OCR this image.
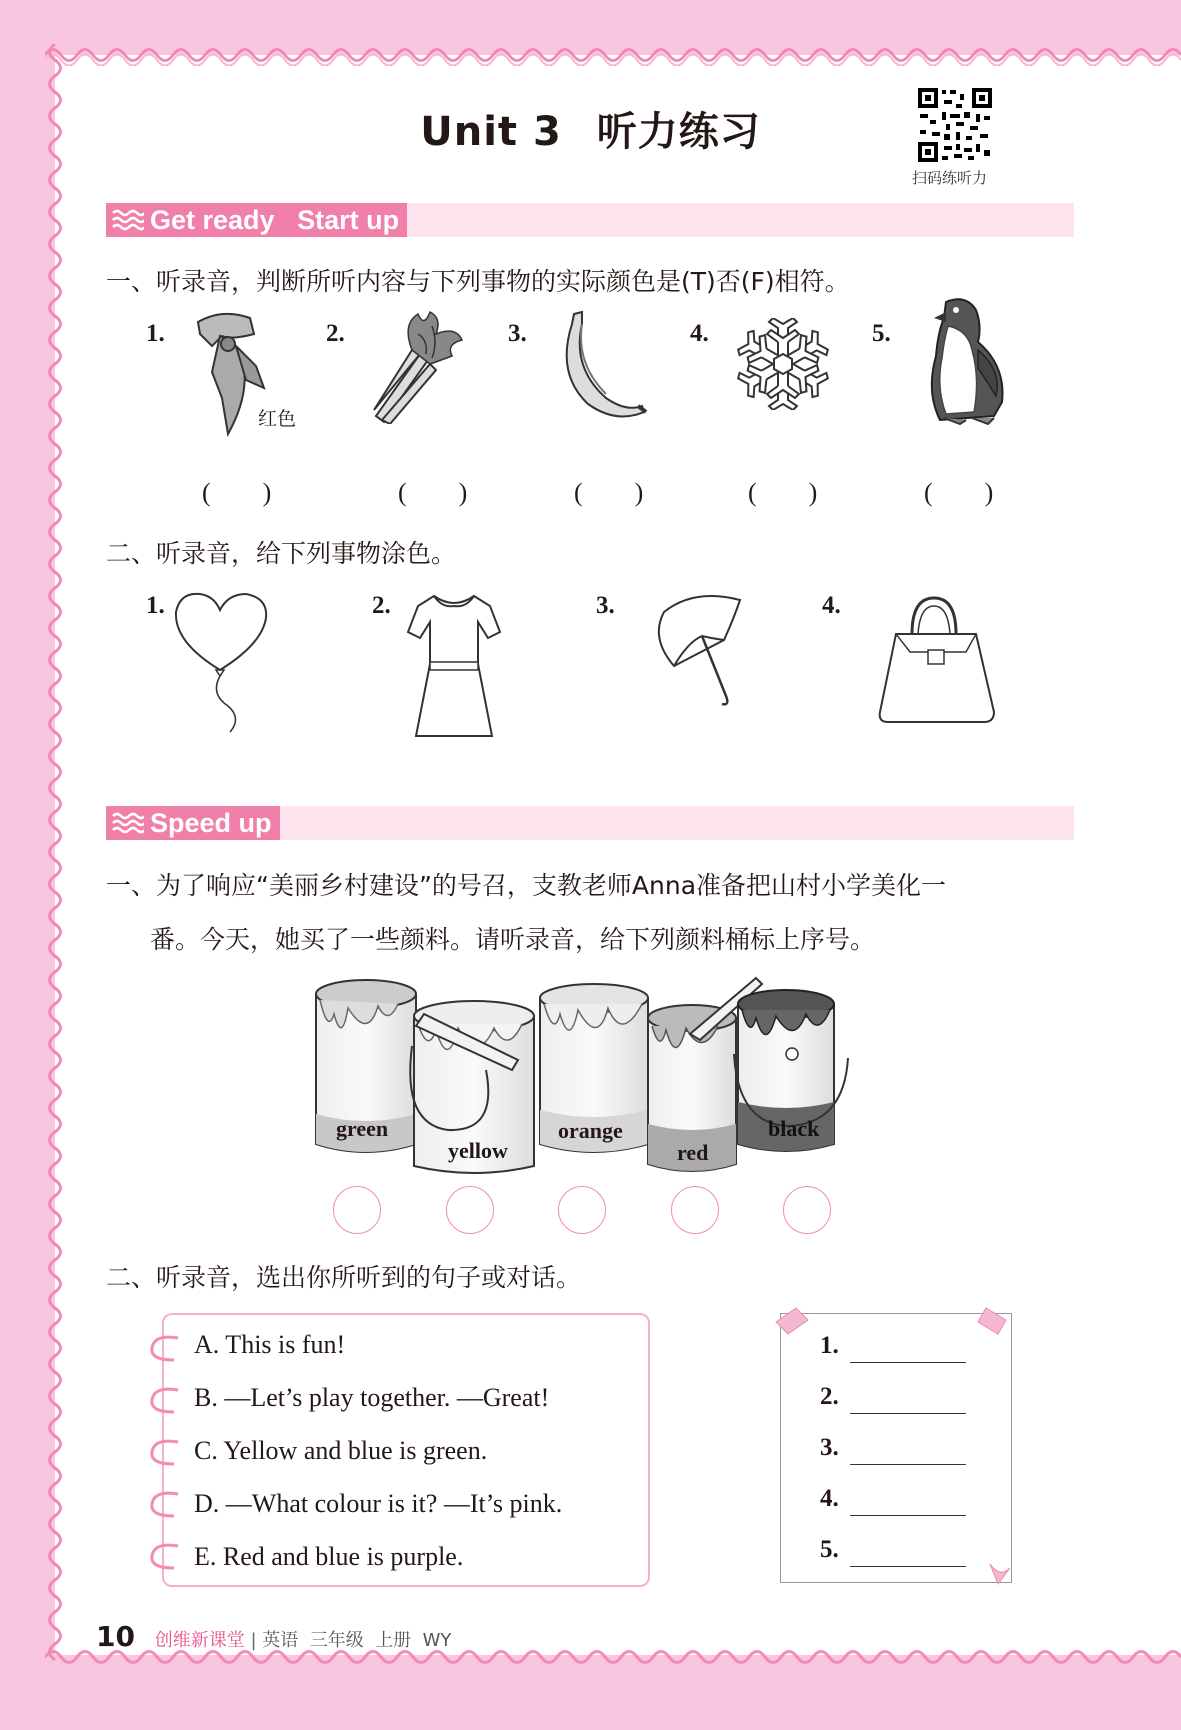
Unit 3 听力练习
扫码练听力
Get ready   Start up
一、听录音，判断所听内容与下列事物的实际颜色是(T)否(F)相符。
1.
红色
2.	3.	4.	5.
(        )	(        )	(        )	(        )	(        )
二、听录音，给下列事物涂色。
1.	2.	3.	4.
Speed up
一、为了响应“美丽乡村建设”的号召，支教老师Anna准备把山村小学美化一
番。今天，她买了一些颜料。请听录音，给下列颜料桶标上序号。
green
yellow
orange
red
black
二、听录音，选出你所听到的句子或对话。
A. This is fun!
B. —Let’s play together. —Great!
C. Yellow and blue is green.
D. —What colour is it? —It’s pink.
E. Red and blue is purple.
1.
2.
3.
4.
5.
10 创维新课堂 | 英语  三年级  上册  WY
